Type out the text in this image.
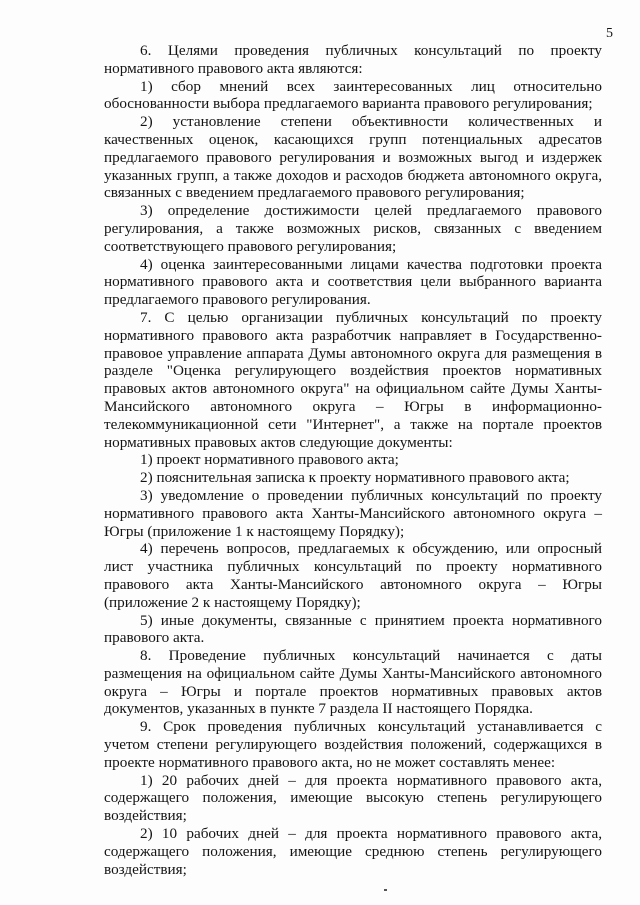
5

6. Целями проведения публичных консультаций по проекту нормативного правового акта являются:

1) сбор мнений всех заинтересованных лиц относительно обоснованности выбора предлагаемого варианта правового регулирования;

2) установление степени объективности количественных и качественных оценок, касающихся групп потенциальных адресатов предлагаемого правового регулирования и возможных выгод и издержек указанных групп, а также доходов и расходов бюджета автономного округа, связанных с введением предлагаемого правового регулирования;

3) определение достижимости целей предлагаемого правового регулирования, а также возможных рисков, связанных с введением соответствующего правового регулирования;

4) оценка заинтересованными лицами качества подготовки проекта нормативного правового акта и соответствия цели выбранного варианта предлагаемого правового регулирования.

7. С целью организации публичных консультаций по проекту нормативного правового акта разработчик направляет в Государственно-правовое управление аппарата Думы автономного округа для размещения в разделе "Оценка регулирующего воздействия проектов нормативных правовых актов автономного округа" на официальном сайте Думы Ханты-Мансийского автономного округа – Югры в информационно-телекоммуникационной сети "Интернет", а также на портале проектов нормативных правовых актов следующие документы:

1) проект нормативного правового акта;

2) пояснительная записка к проекту нормативного правового акта;

3) уведомление о проведении публичных консультаций по проекту нормативного правового акта Ханты-Мансийского автономного округа – Югры (приложение 1 к настоящему Порядку);

4) перечень вопросов, предлагаемых к обсуждению, или опросный лист участника публичных консультаций по проекту нормативного правового акта Ханты-Мансийского автономного округа – Югры (приложение 2 к настоящему Порядку);

5) иные документы, связанные с принятием проекта нормативного правового акта.

8. Проведение публичных консультаций начинается с даты размещения на официальном сайте Думы Ханты-Мансийского автономного округа – Югры и портале проектов нормативных правовых актов документов, указанных в пункте 7 раздела II настоящего Порядка.

9. Срок проведения публичных консультаций устанавливается с учетом степени регулирующего воздействия положений, содержащихся в проекте нормативного правового акта, но не может составлять менее:

1) 20 рабочих дней – для проекта нормативного правового акта, содержащего положения, имеющие высокую степень регулирующего воздействия;

2) 10 рабочих дней – для проекта нормативного правового акта, содержащего положения, имеющие среднюю степень регулирующего воздействия;
